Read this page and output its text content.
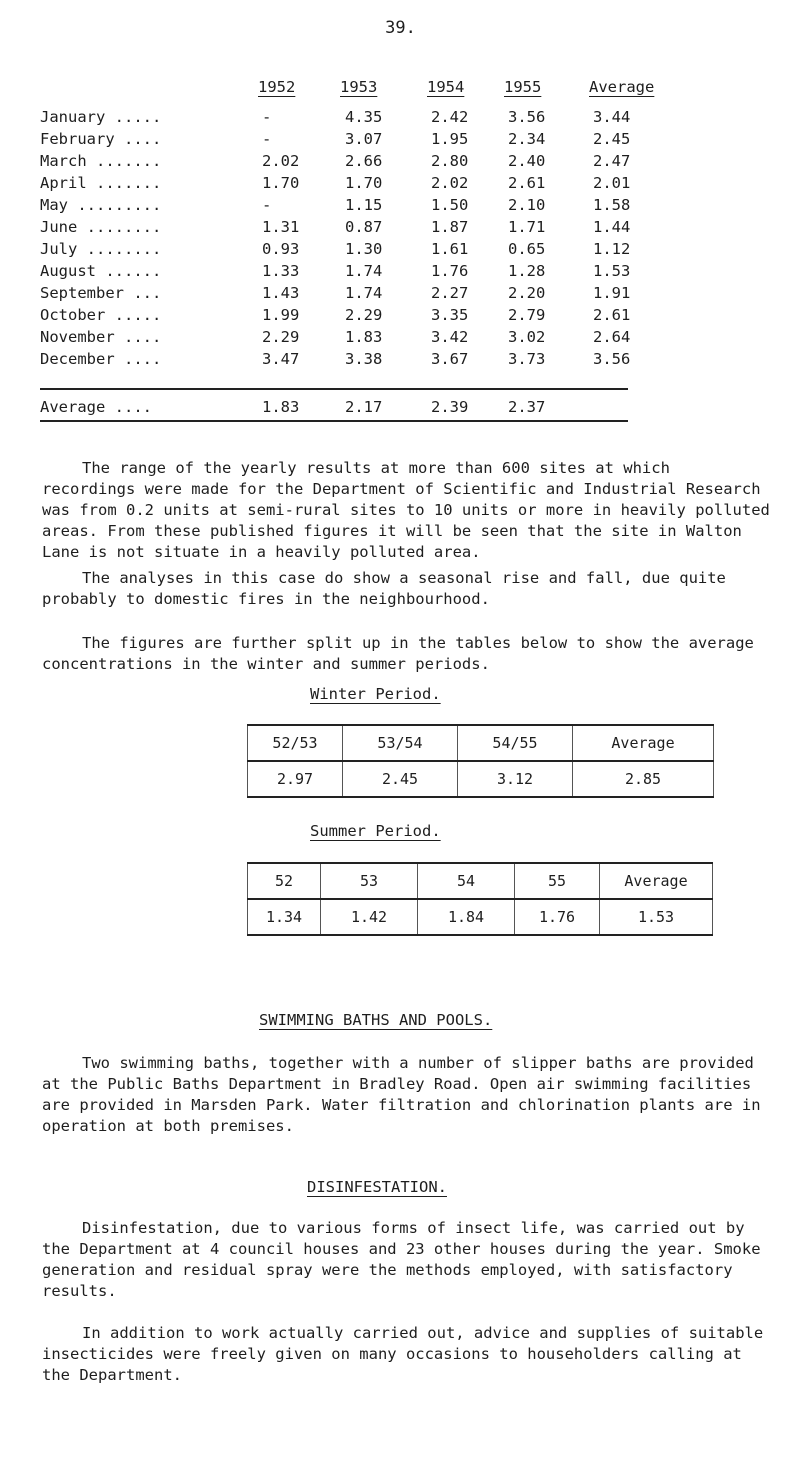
39.
1952	1953	1954	1955	Average
January .....	-	4.35	2.42	3.56	3.44
February ....	-	3.07	1.95	2.34	2.45
March .......	2.02	2.66	2.80	2.40	2.47
April .......	1.70	1.70	2.02	2.61	2.01
May .........	-	1.15	1.50	2.10	1.58
June ........	1.31	0.87	1.87	1.71	1.44
July ........	0.93	1.30	1.61	0.65	1.12
August ......	1.33	1.74	1.76	1.28	1.53
September ...	1.43	1.74	2.27	2.20	1.91
October .....	1.99	2.29	3.35	2.79	2.61
November ....	2.29	1.83	3.42	3.02	2.64
December ....	3.47	3.38	3.67	3.73	3.56
Average ....	1.83	2.17	2.39	2.37
The range of the yearly results at more than 600 sites at which recordings were made for the Department of Scientific and Industrial Research was from 0.2 units at semi-rural sites to 10 units or more in heavily polluted areas. From these published figures it will be seen that the site in Walton Lane is not situate in a heavily polluted area.
The analyses in this case do show a seasonal rise and fall, due quite probably to domestic fires in the neighbourhood.
The figures are further split up in the tables below to show the average concentrations in the winter and summer periods.
Winter Period.
52/53	53/54	54/55	Average
2.97	2.45	3.12	2.85
Summer Period.
52	53	54	55	Average
1.34	1.42	1.84	1.76	1.53
SWIMMING BATHS AND POOLS.
Two swimming baths, together with a number of slipper baths are provided at the Public Baths Department in Bradley Road. Open air swimming facilities are provided in Marsden Park. Water filtration and chlorination plants are in operation at both premises.
DISINFESTATION.
Disinfestation, due to various forms of insect life, was carried out by the Department at 4 council houses and 23 other houses during the year. Smoke generation and residual spray were the methods employed, with satisfactory results.
In addition to work actually carried out, advice and supplies of suitable insecticides were freely given on many occasions to householders calling at the Department.
